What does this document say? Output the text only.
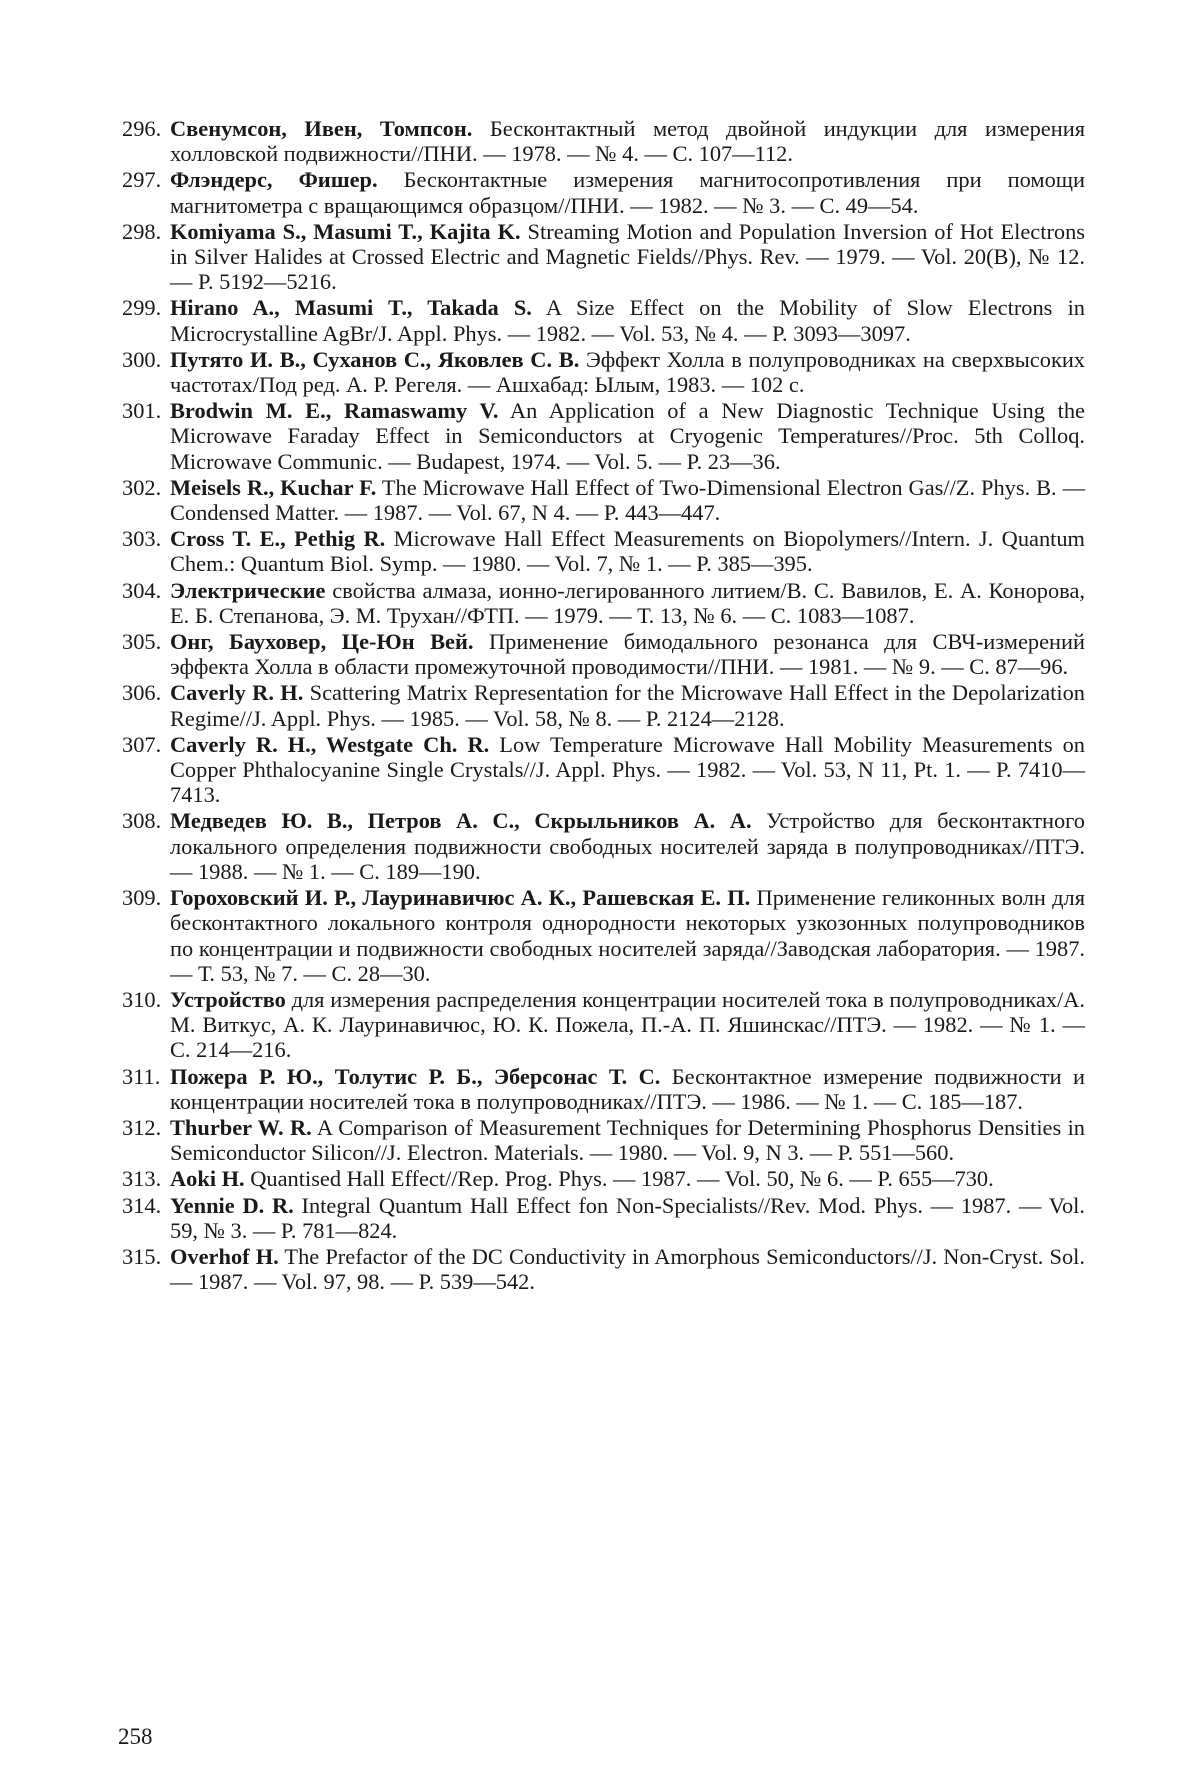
296. Свенумсон, Ивен, Томпсон. Бесконтактный метод двойной индукции для измерения холловской подвижности//ПНИ. — 1978. — № 4. — С. 107—112.
297. Флэндерс, Фишер. Бесконтактные измерения магнитосопротивления при помощи магнитометра с вращающимся образцом//ПНИ. — 1982. — № 3. — С. 49—54.
298. Komiyama S., Masumi T., Kajita K. Streaming Motion and Population Inversion of Hot Electrons in Silver Halides at Crossed Electric and Magnetic Fields//Phys. Rev. — 1979. — Vol. 20(B), № 12. — P. 5192—5216.
299. Hirano A., Masumi T., Takada S. A Size Effect on the Mobility of Slow Electrons in Microcrystalline AgBr/J. Appl. Phys. — 1982. — Vol. 53, № 4. — P. 3093—3097.
300. Путято И. В., Суханов С., Яковлев С. В. Эффект Холла в полупроводниках на сверхвысоких частотах/Под ред. А. Р. Регеля. — Ашхабад: Ылым, 1983. — 102 с.
301. Brodwin M. E., Ramaswamy V. An Application of a New Diagnostic Technique Using the Microwave Faraday Effect in Semiconductors at Cryogenic Temperatures//Proc. 5th Colloq. Microwave Communic. — Budapest, 1974. — Vol. 5. — P. 23—36.
302. Meisels R., Kuchar F. The Microwave Hall Effect of Two-Dimensional Electron Gas//Z. Phys. B. — Condensed Matter. — 1987. — Vol. 67, N 4. — P. 443—447.
303. Cross T. E., Pethig R. Microwave Hall Effect Measurements on Biopolymers//Intern. J. Quantum Chem.: Quantum Biol. Symp. — 1980. — Vol. 7, № 1. — P. 385—395.
304. Электрические свойства алмаза, ионно-легированного литием/В. С. Вавилов, Е. А. Конорова, Е. Б. Степанова, Э. М. Трухан//ФТП. — 1979. — Т. 13, № 6. — С. 1083—1087.
305. Онг, Бауховер, Це-Юн Вей. Применение бимодального резонанса для СВЧ-измерений эффекта Холла в области промежуточной проводимости//ПНИ. — 1981. — № 9. — С. 87—96.
306. Caverly R. H. Scattering Matrix Representation for the Microwave Hall Effect in the Depolarization Regime//J. Appl. Phys. — 1985. — Vol. 58, № 8. — P. 2124—2128.
307. Caverly R. H., Westgate Ch. R. Low Temperature Microwave Hall Mobility Measurements on Copper Phthalocyanine Single Crystals//J. Appl. Phys. — 1982. — Vol. 53, N 11, Pt. 1. — P. 7410—7413.
308. Медведев Ю. В., Петров А. С., Скрыльников А. А. Устройство для бесконтактного локального определения подвижности свободных носителей заряда в полупроводниках//ПТЭ. — 1988. — № 1. — С. 189—190.
309. Гороховский И. Р., Лауринавичюс А. К., Рашевская Е. П. Применение геликонных волн для бесконтактного локального контроля однородности некоторых узкозонных полупроводников по концентрации и подвижности свободных носителей заряда//Заводская лаборатория. — 1987. — Т. 53, № 7. — С. 28—30.
310. Устройство для измерения распределения концентрации носителей тока в полупроводниках/А. М. Виткус, А. К. Лауринавичюс, Ю. К. Пожела, П.-А. П. Яшинскас//ПТЭ. — 1982. — № 1. — С. 214—216.
311. Пожера Р. Ю., Толутис Р. Б., Эберсонас Т. С. Бесконтактное измерение подвижности и концентрации носителей тока в полупроводниках//ПТЭ. — 1986. — № 1. — С. 185—187.
312. Thurber W. R. A Comparison of Measurement Techniques for Determining Phosphorus Densities in Semiconductor Silicon//J. Electron. Materials. — 1980. — Vol. 9, N 3. — P. 551—560.
313. Aoki H. Quantised Hall Effect//Rep. Prog. Phys. — 1987. — Vol. 50, № 6. — P. 655—730.
314. Yennie D. R. Integral Quantum Hall Effect fon Non-Specialists//Rev. Mod. Phys. — 1987. — Vol. 59, № 3. — P. 781—824.
315. Overhof H. The Prefactor of the DC Conductivity in Amorphous Semiconductors//J. Non-Cryst. Sol. — 1987. — Vol. 97, 98. — P. 539—542.
258
